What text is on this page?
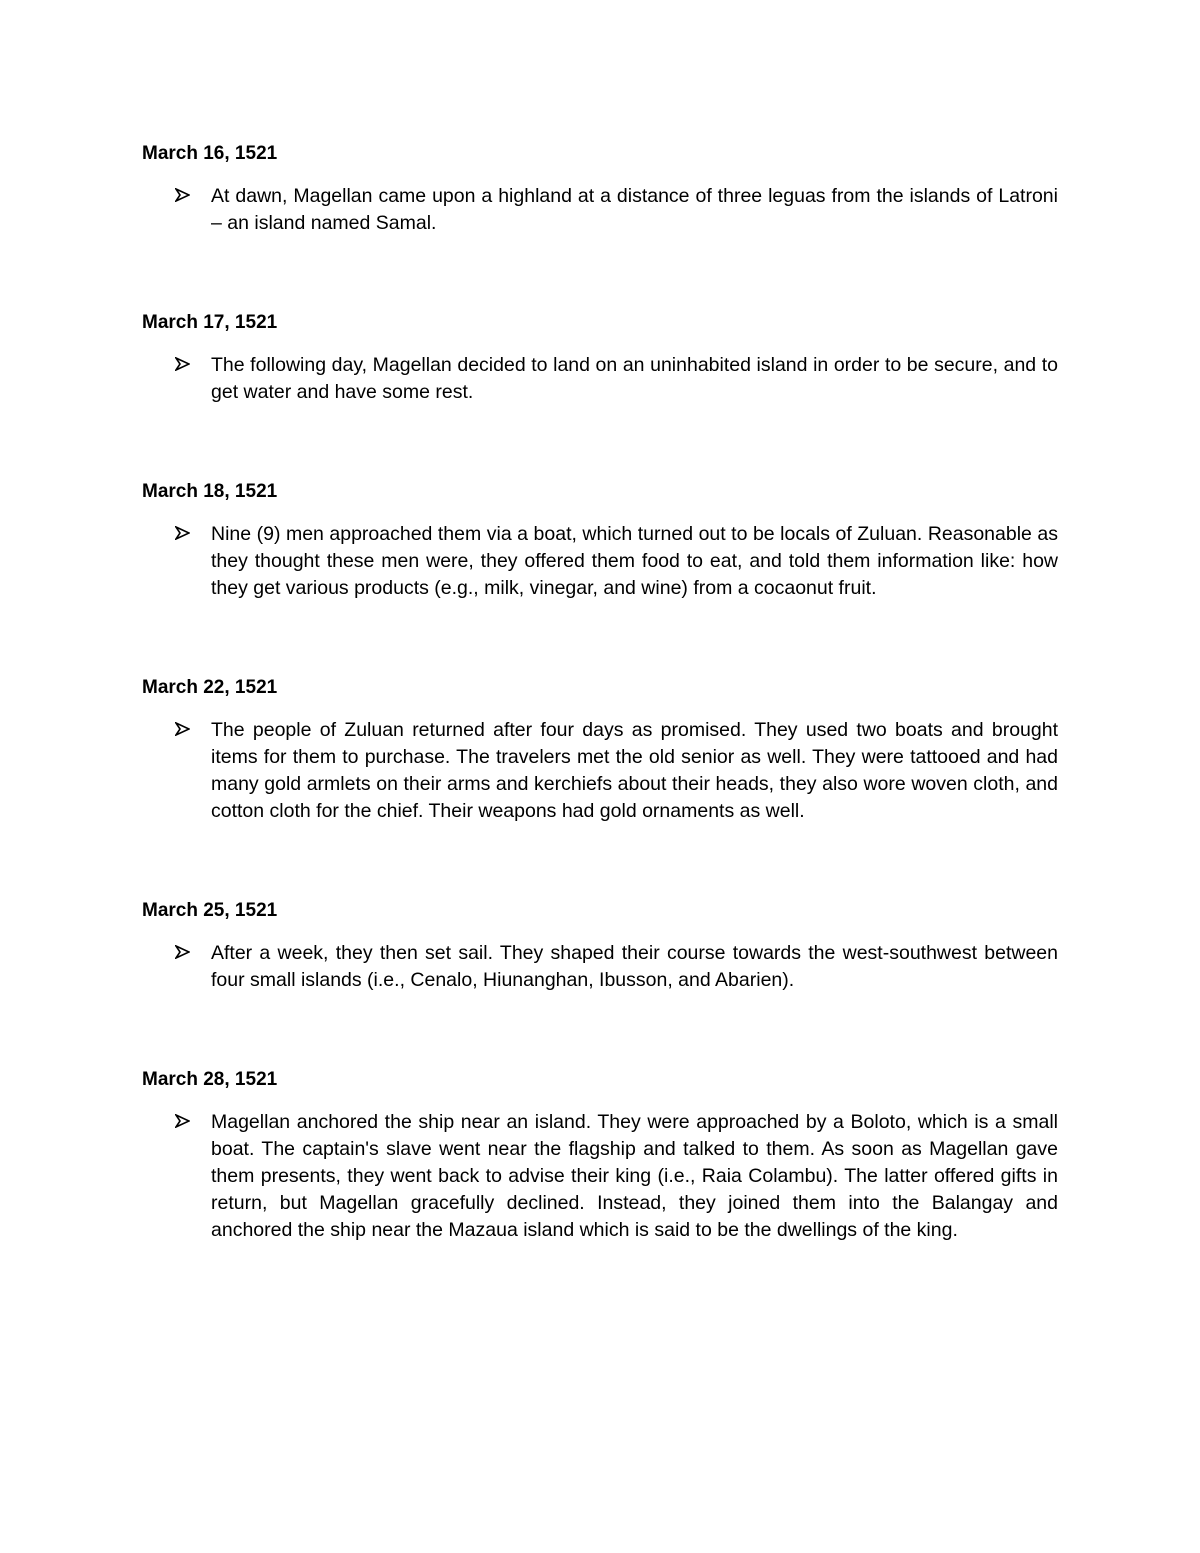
March 16, 1521
At dawn, Magellan came upon a highland at a distance of three leguas from the islands of Latroni – an island named Samal.
March 17, 1521
The following day, Magellan decided to land on an uninhabited island in order to be secure, and to get water and have some rest.
March 18, 1521
Nine (9) men approached them via a boat, which turned out to be locals of Zuluan. Reasonable as they thought these men were, they offered them food to eat, and told them information like: how they get various products (e.g., milk, vinegar, and wine) from a cocaonut fruit.
March 22, 1521
The people of Zuluan returned after four days as promised. They used two boats and brought items for them to purchase. The travelers met the old senior as well. They were tattooed and had many gold armlets on their arms and kerchiefs about their heads, they also wore woven cloth, and cotton cloth for the chief. Their weapons had gold ornaments as well.
March 25, 1521
After a week, they then set sail. They shaped their course towards the west-southwest between four small islands (i.e., Cenalo, Hiunanghan, Ibusson, and Abarien).
March 28, 1521
Magellan anchored the ship near an island. They were approached by a Boloto, which is a small boat. The captain's slave went near the flagship and talked to them. As soon as Magellan gave them presents, they went back to advise their king (i.e., Raia Colambu). The latter offered gifts in return, but Magellan gracefully declined. Instead, they joined them into the Balangay and anchored the ship near the Mazaua island which is said to be the dwellings of the king.
